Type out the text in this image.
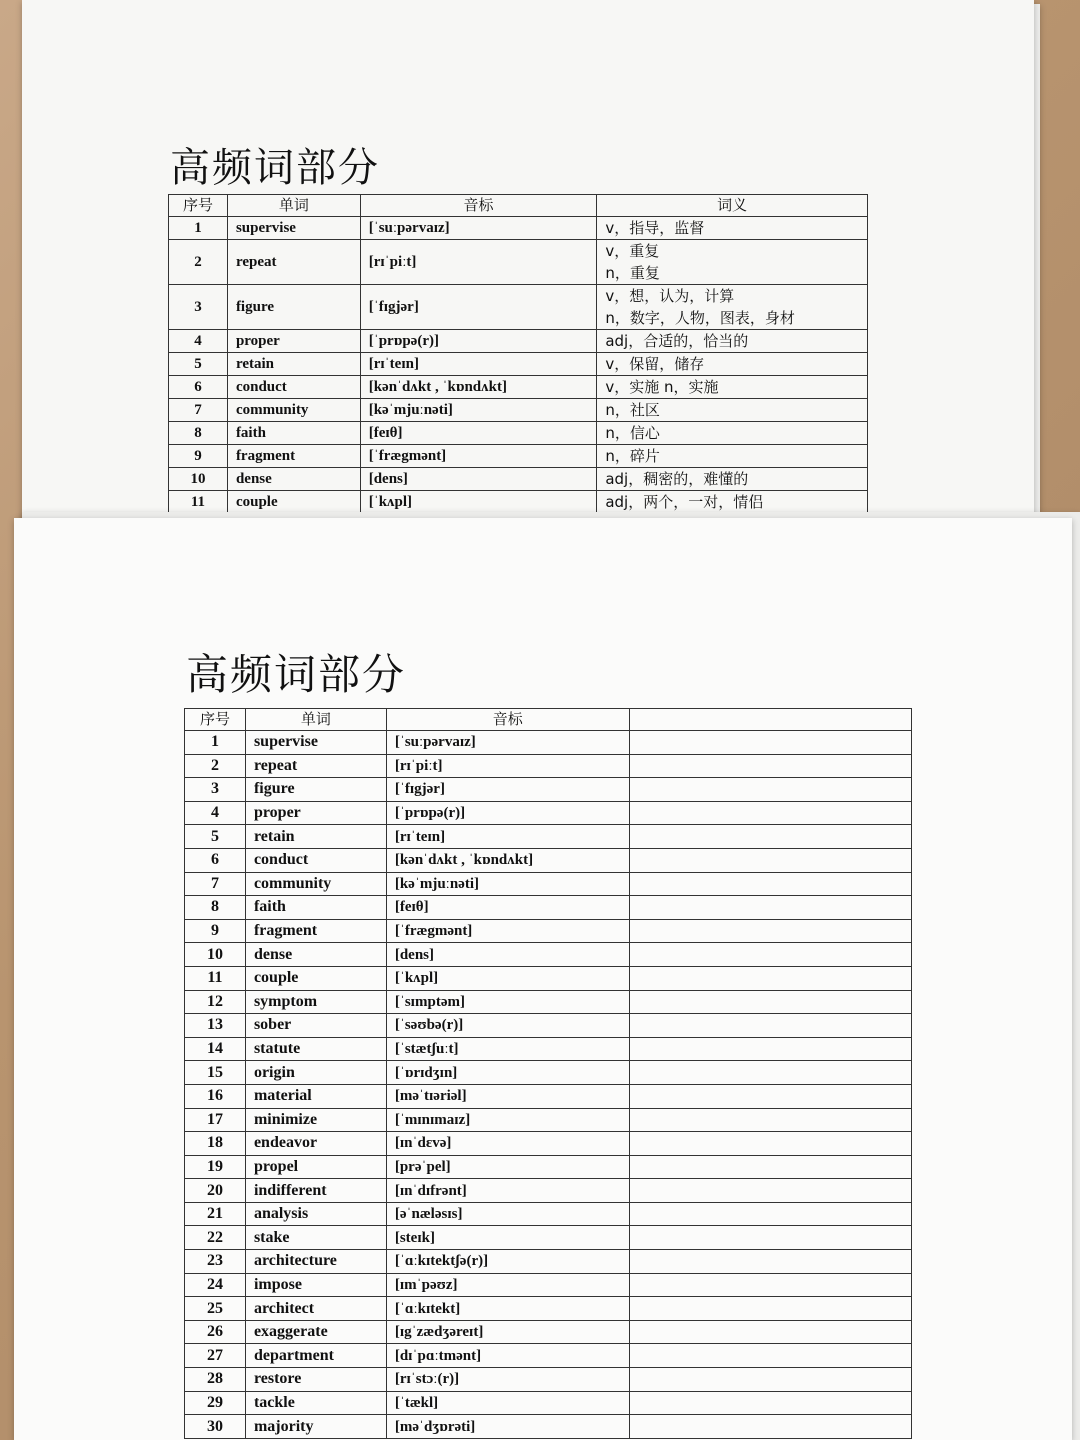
高频词部分
序号	单词	音标	词义
1	supervise	[ˈsuːpərvaɪz]	v，指导，监督

2	repeat	[rɪˈpiːt]	v，重复
n，重复

3	figure	[ˈfɪgjər]	v，想，认为，计算
n，数字，人物，图表，身材

4	proper	[ˈprɒpə(r)]	adj，合适的，恰当的

5	retain	[rɪˈteɪn]	v，保留，储存

6	conduct	[kənˈdʌkt , ˈkɒndʌkt]	v，实施 n，实施

7	community	[kəˈmjuːnəti]	n，社区

8	faith	[feɪθ]	n，信心

9	fragment	[ˈfrægmənt]	n，碎片

10	dense	[dens]	adj，稠密的，难懂的

11	couple	[ˈkʌpl]	adj，两个，一对，情侣
高频词部分
序号	单词	音标	
1	supervise	[ˈsuːpərvaɪz]	
2	repeat	[rɪˈpiːt]	
3	figure	[ˈfɪgjər]	
4	proper	[ˈprɒpə(r)]	
5	retain	[rɪˈteɪn]	
6	conduct	[kənˈdʌkt , ˈkɒndʌkt]	
7	community	[kəˈmjuːnəti]	
8	faith	[feɪθ]	
9	fragment	[ˈfrægmənt]	
10	dense	[dens]	
11	couple	[ˈkʌpl]	
12	symptom	[ˈsɪmptəm]	
13	sober	[ˈsəʊbə(r)]	
14	statute	[ˈstætʃuːt]	
15	origin	[ˈɒrɪdʒɪn]	
16	material	[məˈtɪəriəl]	
17	minimize	[ˈmɪnɪmaɪz]	
18	endeavor	[ɪnˈdɛvə]	
19	propel	[prəˈpel]	
20	indifferent	[ɪnˈdɪfrənt]	
21	analysis	[əˈnæləsɪs]	
22	stake	[steɪk]	
23	architecture	[ˈɑːkɪtektʃə(r)]	
24	impose	[ɪmˈpəʊz]	
25	architect	[ˈɑːkɪtekt]	
26	exaggerate	[ɪgˈzædʒəreɪt]	
27	department	[dɪˈpɑːtmənt]	
28	restore	[rɪˈstɔː(r)]	
29	tackle	[ˈtækl]	
30	majority	[məˈdʒɒrəti]	
